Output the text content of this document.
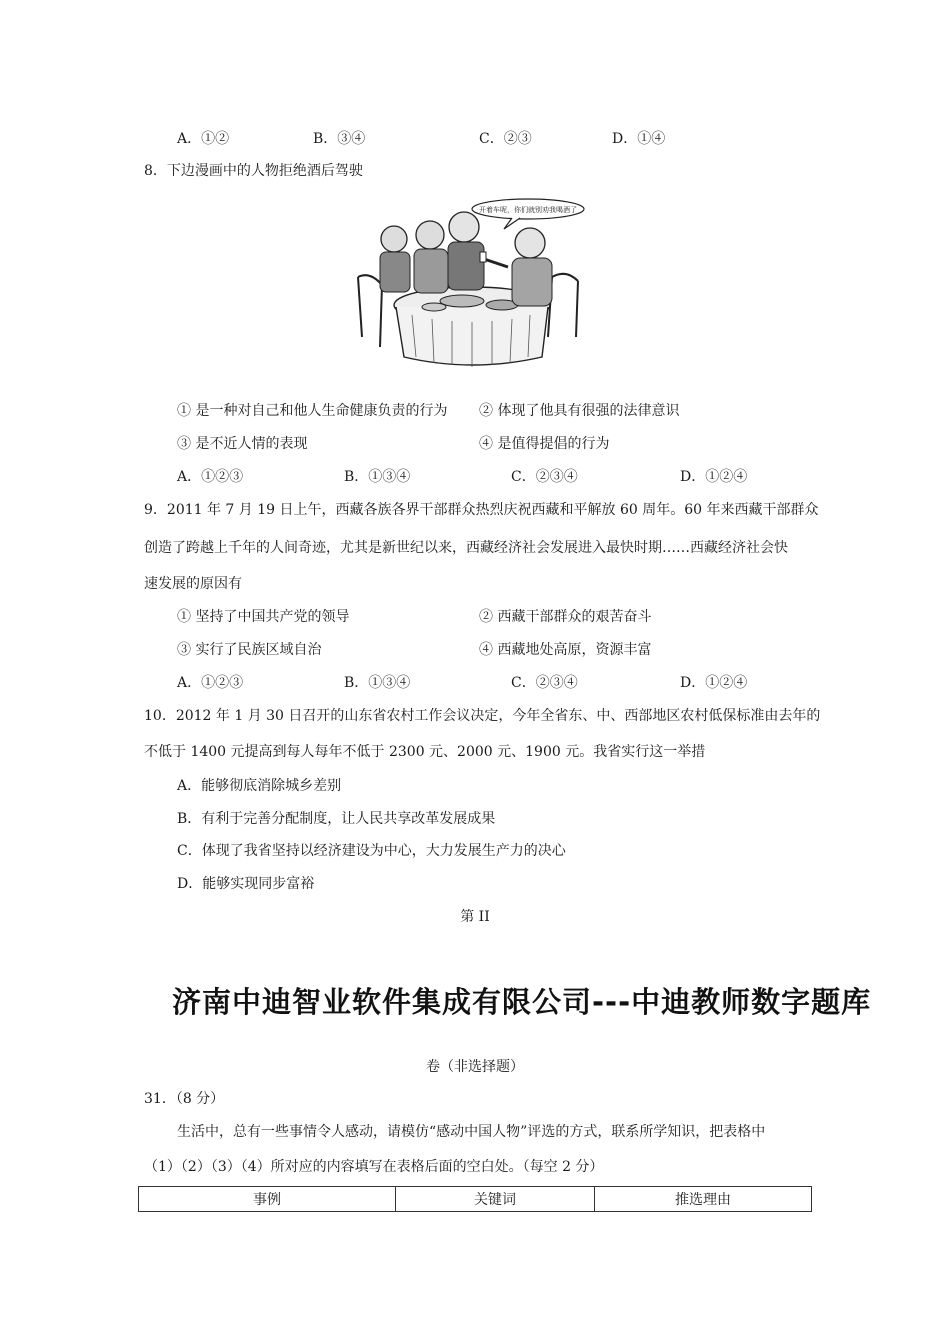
A．①②	B．③④	C．②③	D．①④
8．下边漫画中的人物拒绝酒后驾驶
开着车呢，你们就别劝我喝酒了
① 是一种对自己和他人生命健康负责的行为 ② 体现了他具有很强的法律意识
③ 是不近人情的表现	④ 是值得提倡的行为
A．①②③	B．①③④	C．②③④	D．①②④
9．2011 年 7 月 19 日上午，西藏各族各界干部群众热烈庆祝西藏和平解放 60 周年。60 年来西藏干部群众
创造了跨越上千年的人间奇迹，尤其是新世纪以来，西藏经济社会发展进入最快时期……西藏经济社会快
速发展的原因有
① 坚持了中国共产党的领导	② 西藏干部群众的艰苦奋斗
③ 实行了民族区域自治	④ 西藏地处高原，资源丰富
A．①②③	B．①③④	C．②③④	D．①②④
10．2012 年 1 月 30 日召开的山东省农村工作会议决定，今年全省东、中、西部地区农村低保标准由去年的
不低于 1400 元提高到每人每年不低于 2300 元、2000 元、1900 元。我省实行这一举措
A．能够彻底消除城乡差别
B．有利于完善分配制度，让人民共享改革发展成果
C．体现了我省坚持以经济建设为中心，大力发展生产力的决心
D．能够实现同步富裕
第 II
济南中迪智业软件集成有限公司---中迪教师数字题库
卷（非选择题）
31．（8 分）
生活中，总有一些事情令人感动，请模仿“感动中国人物”评选的方式，联系所学知识，把表格中
（1）（2）（3）（4）所对应的内容填写在表格后面的空白处。（每空 2 分）
事例	关键词	推选理由
